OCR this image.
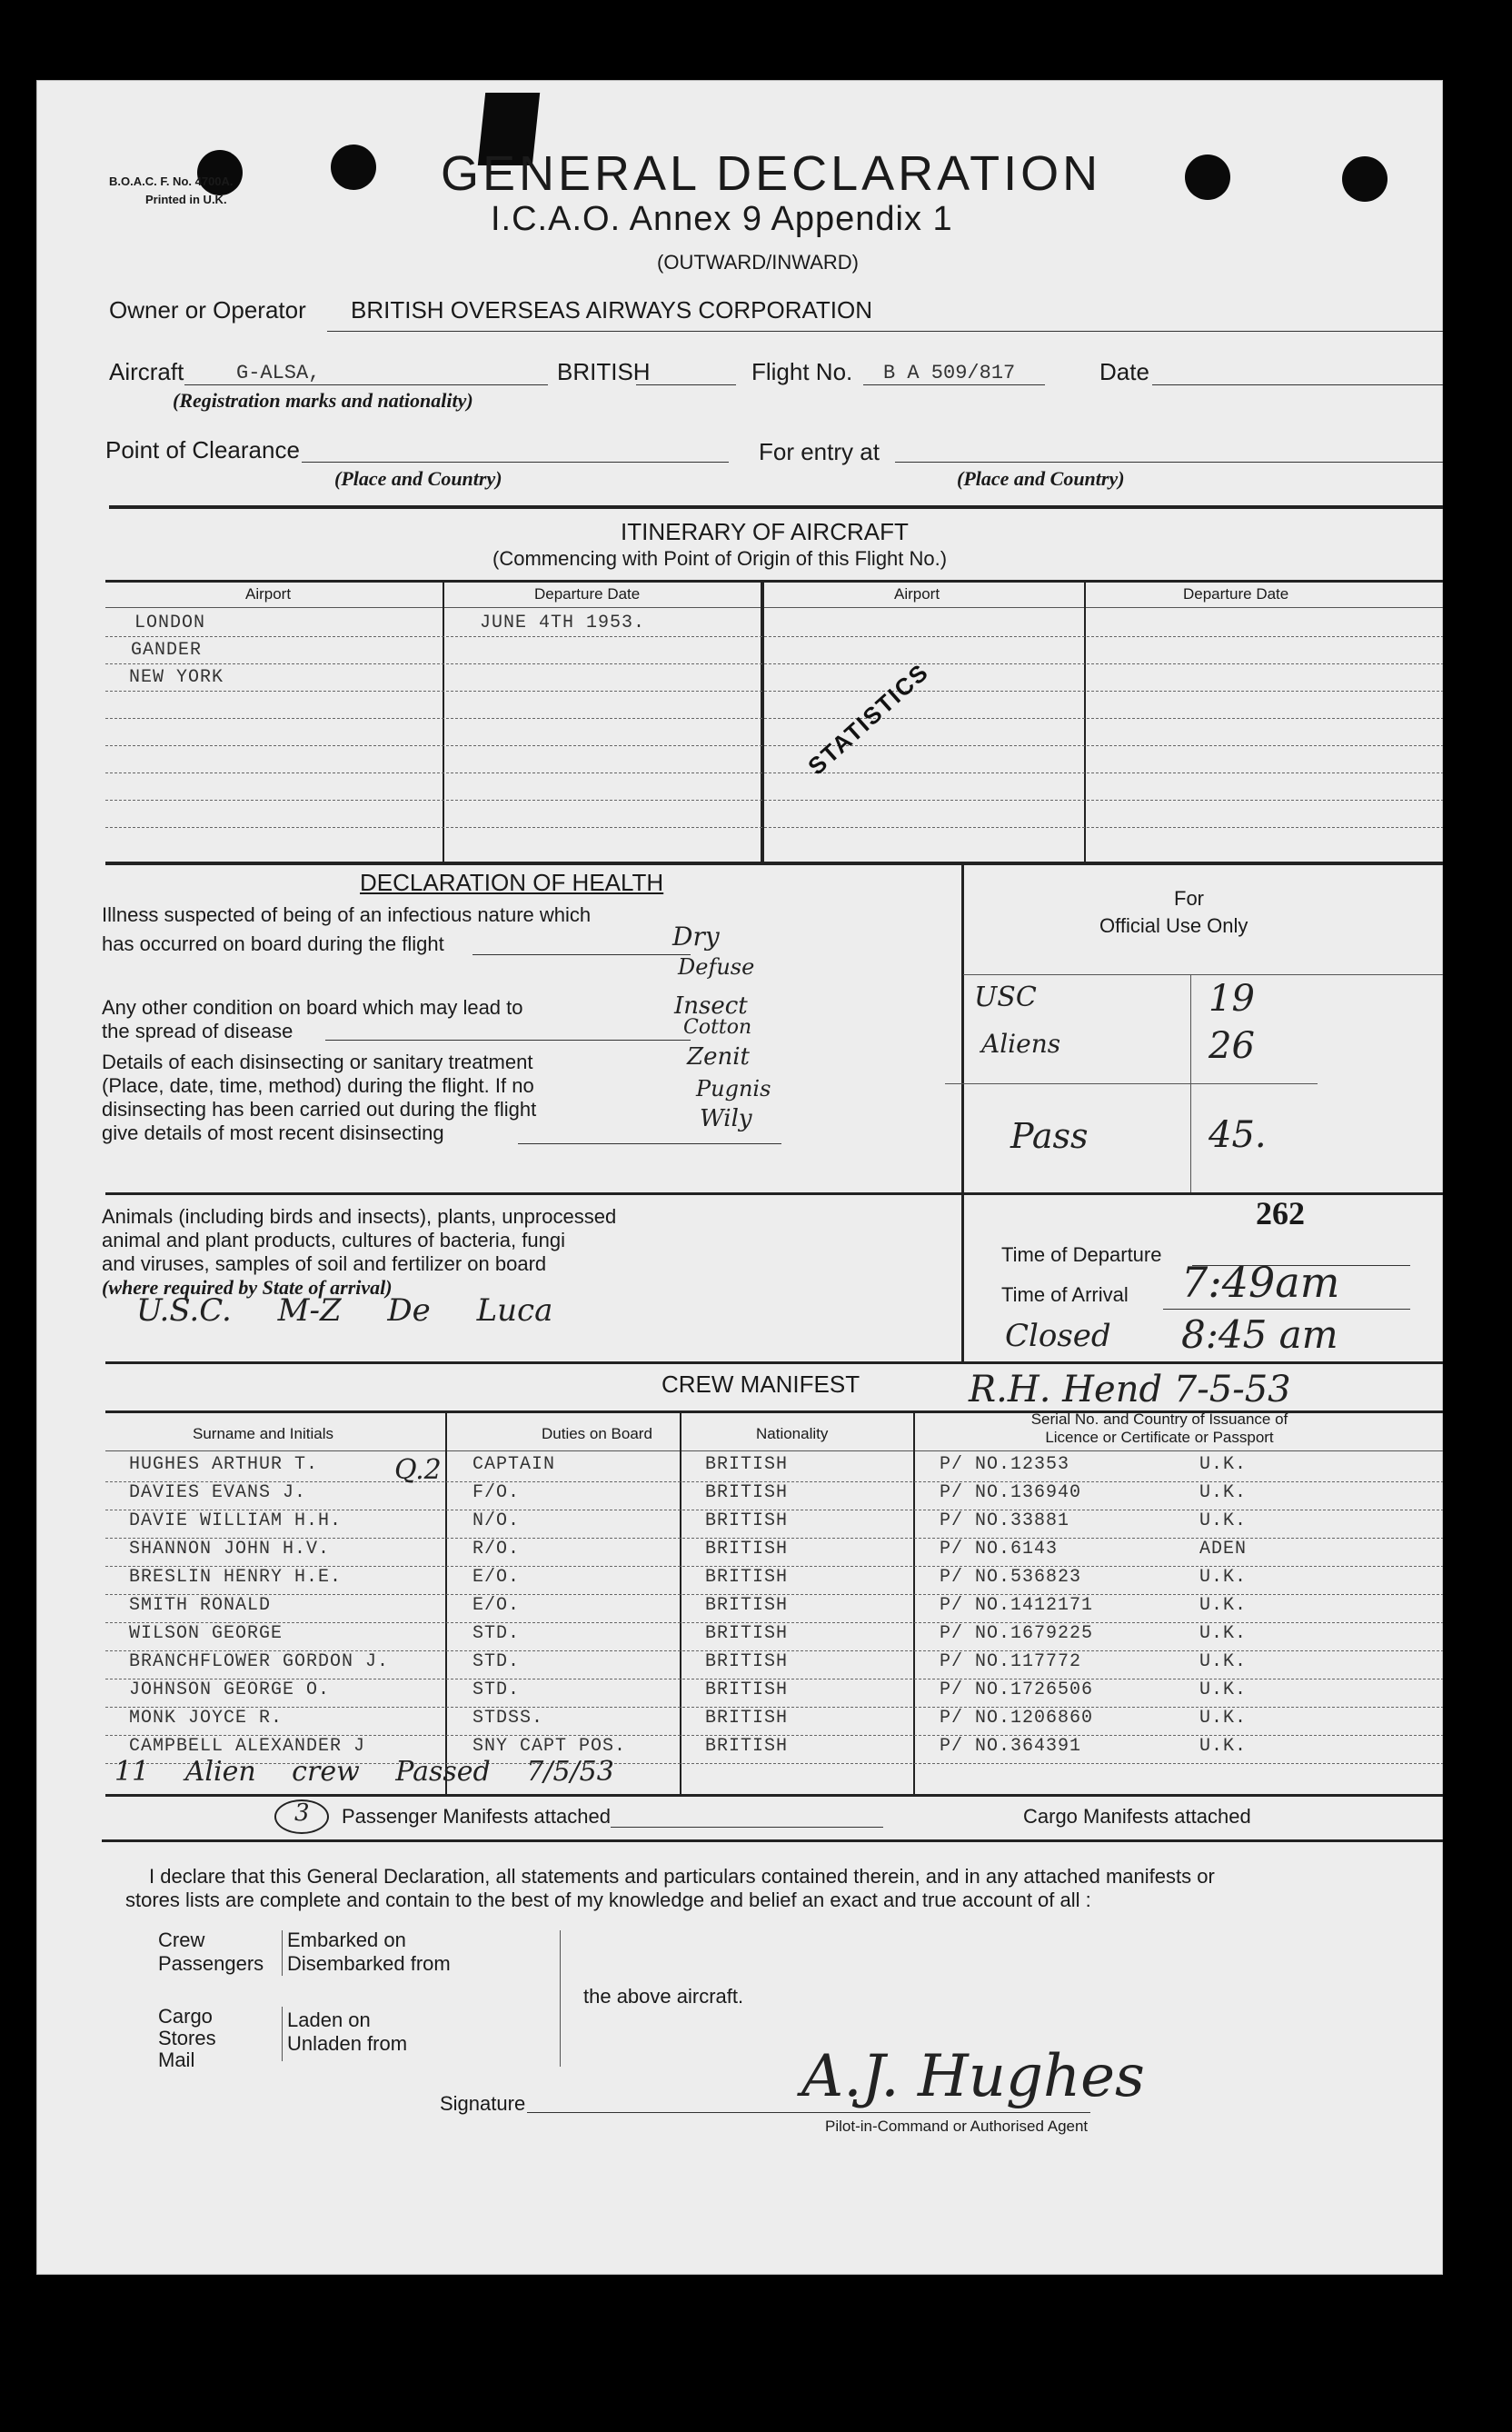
B.O.A.C. F. No. 4700A.
Printed in U.K.	GENERAL DECLARATION
I.C.A.O. Annex 9 Appendix 1
(OUTWARD/INWARD)
Owner or Operator BRITISH OVERSEAS AIRWAYS CORPORATION
Aircraft	G-ALSA,	BRITISH	Flight No. B A 509/817	Date
(Registration marks and nationality)
Point of Clearance
(Place and Country)
For entry at
(Place and Country)
ITINERARY OF AIRCRAFT
(Commencing with Point of Origin of this Flight No.)
Airport	Departure Date	Airport	Departure Date
LONDON	JUNE 4TH 1953.
GANDER
NEW YORK	STATISTICS
DECLARATION OF HEALTH
Illness suspected of being of an infectious nature which
has occurred on board during the flight
Any other condition on board which may lead to
the spread of disease
Details of each disinsecting or sanitary treatment
(Place, date, time, method) during the flight. If no
disinsecting has been carried out during the flight
give details of most recent disinsecting
Dry
Defuse
Insect
Cotton
Zenit
Pugnis
Wily
For
Official Use Only
USC	19
Aliens	26
Pass	45.
262
Time of Departure
Time of Arrival 7:49am
Closed 8:45 am
R.H. Hend 7-5-53
Animals (including birds and insects), plants, unprocessed
animal and plant products, cultures of bacteria, fungi
and viruses, samples of soil and fertilizer on board
(where required by State of arrival)
U.S.C. M-Z De Luca
CREW MANIFEST
Surname and Initials	Duties on Board	Nationality
Serial No. and Country of Issuance of Licence or Certificate or Passport
HUGHES ARTHUR T.	CAPTAIN	BRITISH	P/ NO.12353	U.K.
DAVIES EVANS J.	F/O.	BRITISH	P/ NO.136940	U.K.
DAVIE WILLIAM H.H.	N/O.	BRITISH	P/ NO.33881	U.K.
SHANNON JOHN H.V.	R/O.	BRITISH	P/ NO.6143	ADEN
BRESLIN HENRY H.E.	E/O.	BRITISH	P/ NO.536823	U.K.
SMITH RONALD	E/O.	BRITISH	P/ NO.1412171	U.K.
WILSON GEORGE	STD.	BRITISH	P/ NO.1679225	U.K.
BRANCHFLOWER GORDON J.	STD.	BRITISH	P/ NO.117772	U.K.
JOHNSON GEORGE O.	STD.	BRITISH	P/ NO.1726506	U.K.
MONK JOYCE R.	STDSS.	BRITISH	P/ NO.1206860	U.K.
CAMPBELL ALEXANDER J	SNY CAPT POS.	BRITISH	P/ NO.364391	U.K.
Q.2
11 Alien crew Passed 7/5/53
3 Passenger Manifests attached	Cargo Manifests attached
I declare that this General Declaration, all statements and particulars contained therein, and in any attached manifests or
stores lists are complete and contain to the best of my knowledge and belief an exact and true account of all :
Crew
Passengers
Embarked on
Disembarked from
Cargo
Stores
Mail
Laden on
Unladen from
the above aircraft.
Signature	A.J. Hughes
Pilot-in-Command or Authorised Agent
